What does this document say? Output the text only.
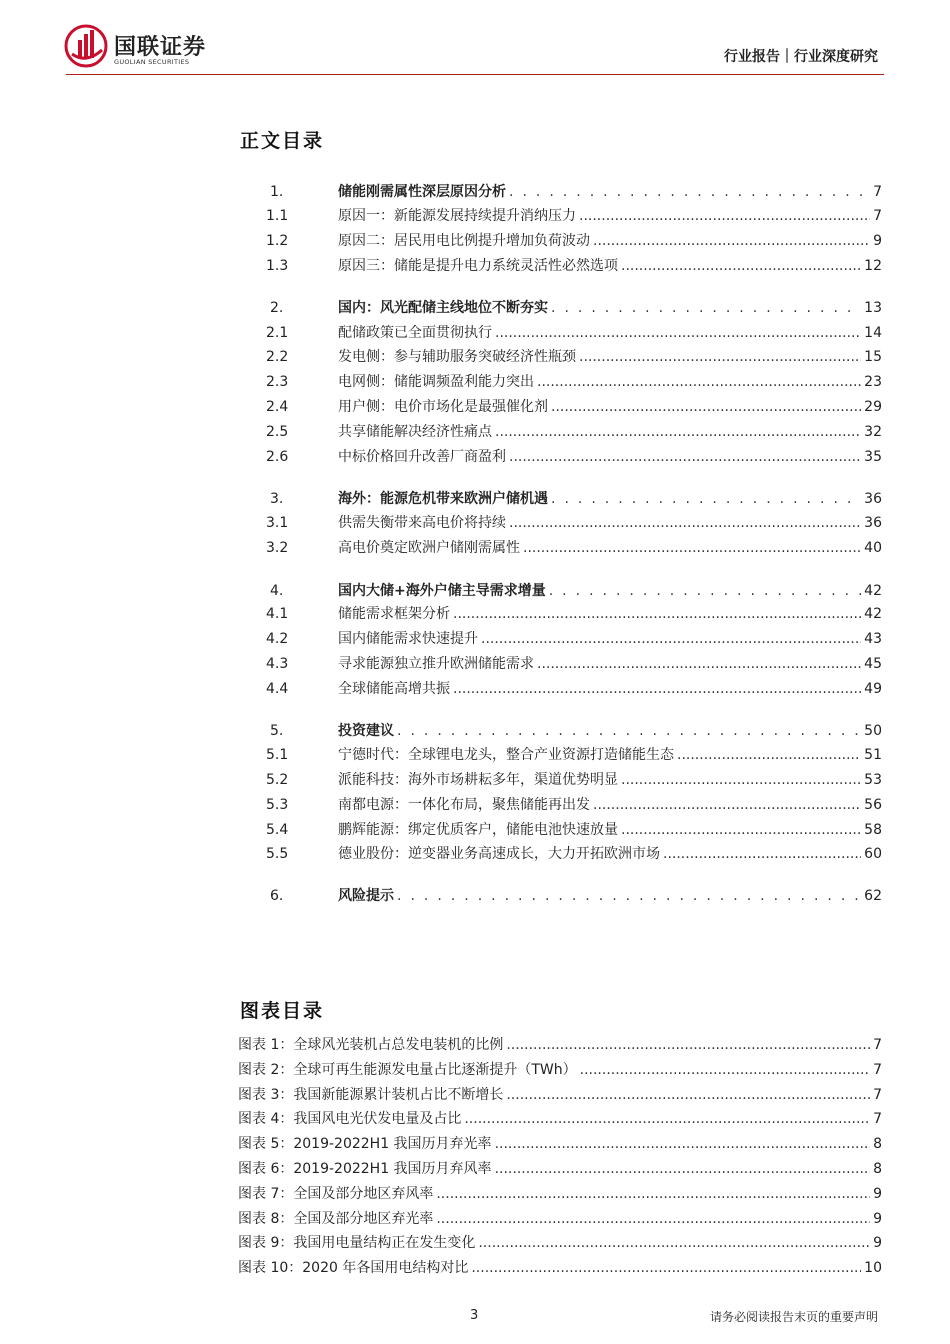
国联证券
GUOLIAN SECURITIES	行业报告｜行业深度研究
正文目录
1.	储能刚需属性深层原因分析 .....	7
1.1	原因一：新能源发展持续提升消纳压力 .....	7
1.2	原因二：居民用电比例提升增加负荷波动 .....	9
1.3	原因三：储能是提升电力系统灵活性必然选项 .....	12
2.	国内：风光配储主线地位不断夯实 .....	13
2.1	配储政策已全面贯彻执行 .....	14
2.2	发电侧：参与辅助服务突破经济性瓶颈 .....	15
2.3	电网侧：储能调频盈利能力突出 .....	23
2.4	用户侧：电价市场化是最强催化剂 .....	29
2.5	共享储能解决经济性痛点 .....	32
2.6	中标价格回升改善厂商盈利 .....	35
3.	海外：能源危机带来欧洲户储机遇 .....	36
3.1	供需失衡带来高电价将持续 .....	36
3.2	高电价奠定欧洲户储刚需属性 .....	40
4.	国内大储+海外户储主导需求增量 .....	42
4.1	储能需求框架分析 .....	42
4.2	国内储能需求快速提升 .....	43
4.3	寻求能源独立推升欧洲储能需求 .....	45
4.4	全球储能高增共振 .....	49
5.	投资建议 .....	50
5.1	宁德时代：全球锂电龙头，整合产业资源打造储能生态 .....	51
5.2	派能科技：海外市场耕耘多年，渠道优势明显 .....	53
5.3	南都电源：一体化布局，聚焦储能再出发 .....	56
5.4	鹏辉能源：绑定优质客户，储能电池快速放量 .....	58
5.5	德业股份：逆变器业务高速成长，大力开拓欧洲市场 .....	60
6.	风险提示 .....	62
图表目录
图表 1：全球风光装机占总发电装机的比例 .....	7
图表 2：全球可再生能源发电量占比逐渐提升（TWh） .....	7
图表 3：我国新能源累计装机占比不断增长 .....	7
图表 4：我国风电光伏发电量及占比 .....	7
图表 5：2019-2022H1 我国历月弃光率 .....	8
图表 6：2019-2022H1 我国历月弃风率 .....	8
图表 7：全国及部分地区弃风率 .....	9
图表 8：全国及部分地区弃光率 .....	9
图表 9：我国用电量结构正在发生变化 .....	9
图表 10：2020 年各国用电结构对比 .....	10
3	请务必阅读报告末页的重要声明
